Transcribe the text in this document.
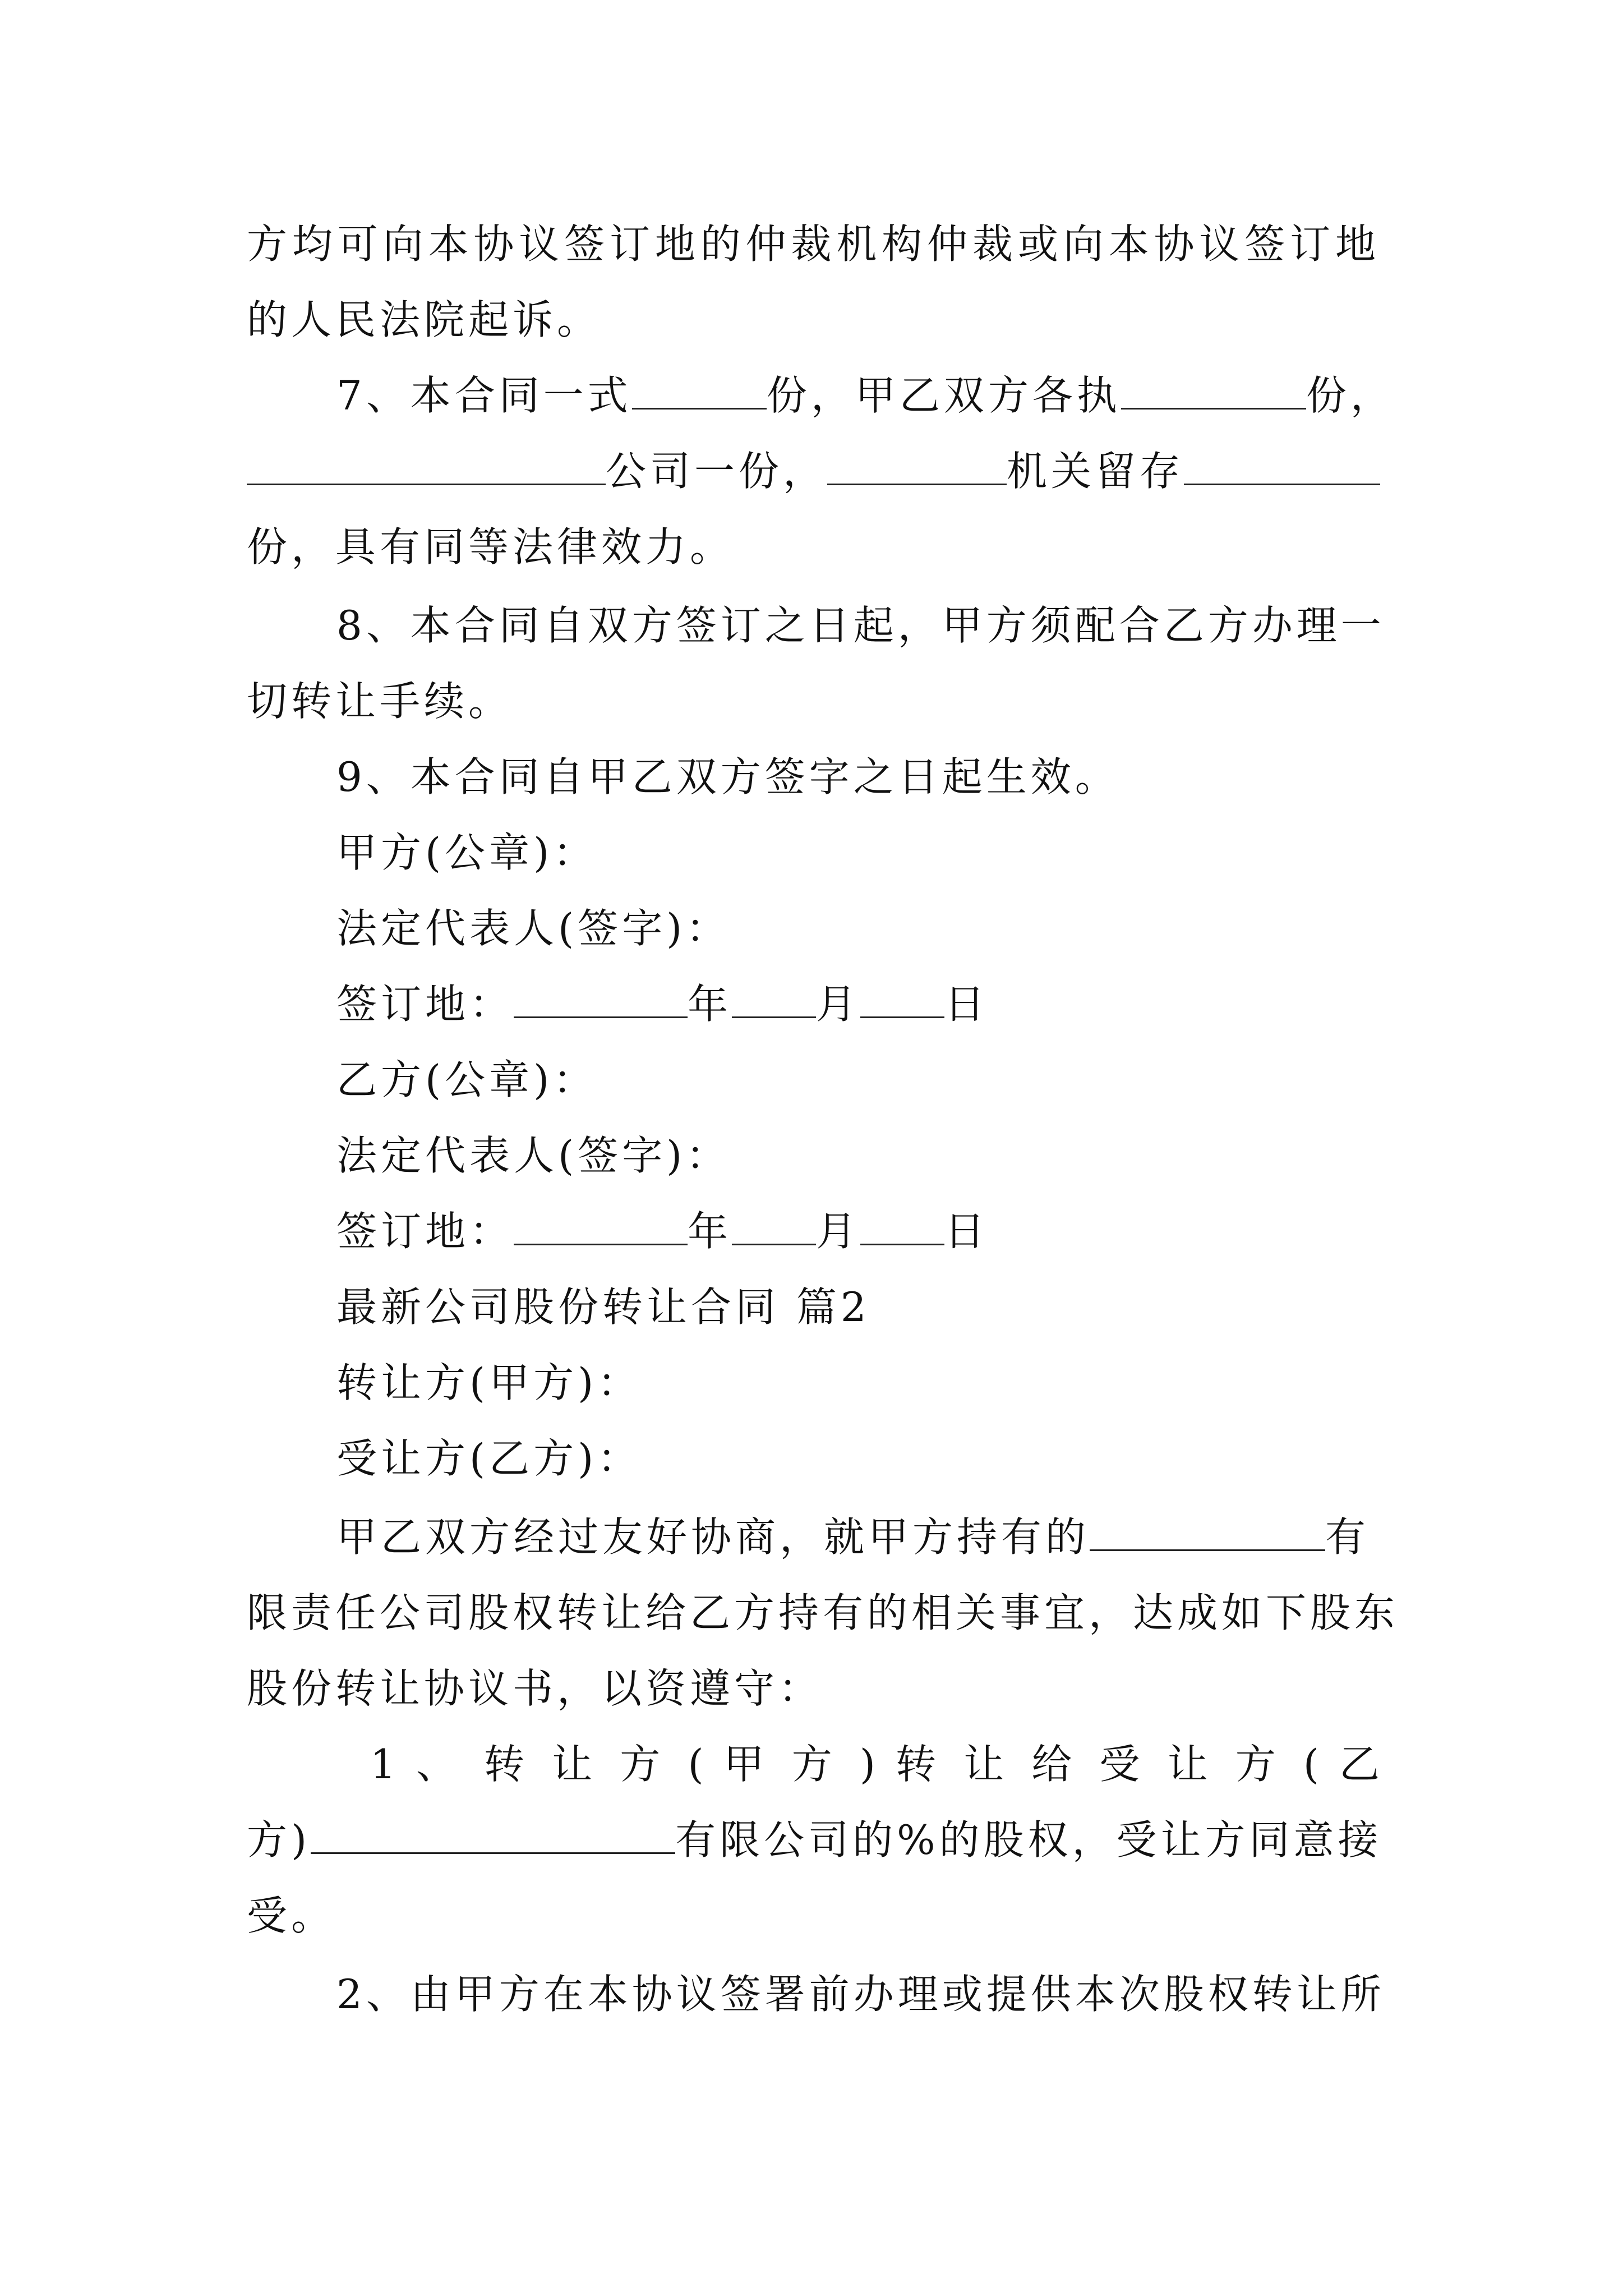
方均可向本协议签订地的仲裁机构仲裁或向本协议签订地
的人民法院起诉。
7、本合同一式	份，甲乙双方各执	份，
公司一份，	机关留存
份，具有同等法律效力。
8、本合同自双方签订之日起，甲方须配合乙方办理一
切转让手续。
9、本合同自甲乙双方签字之日起生效。
甲方(公章)：
法定代表人(签字)：
签订地：	年 月 日
乙方(公章)：
法定代表人(签字)：
签订地：	年 月 日
最新公司股份转让合同 篇2
转让方(甲方)：
受让方(乙方)：
甲乙双方经过友好协商，就甲方持有的	有
限责任公司股权转让给乙方持有的相关事宜，达成如下股东
股份转让协议书，以资遵守：
1 、 转 让 方 ( 甲 方 ) 转 让 给 受 让 方 ( 乙
方)	有限公司的%的股权，受让方同意接
受。
2、由甲方在本协议签署前办理或提供本次股权转让所
